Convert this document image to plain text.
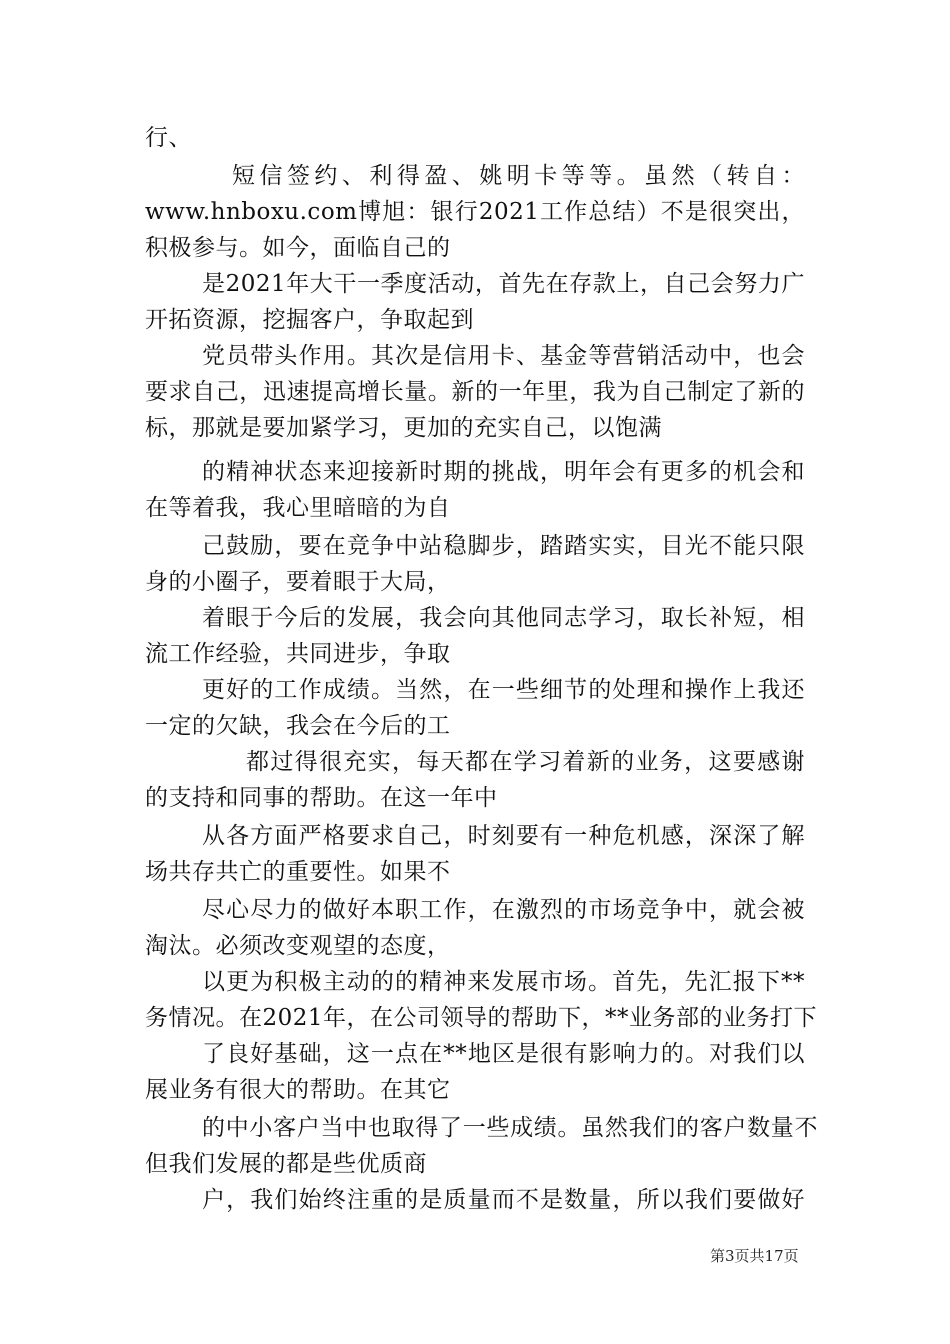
行、
短信签约、利得盈、姚明卡等等。虽然（转自：
www.hnboxu.com博旭：银行2021工作总结）不是很突出，
积极参与。如今，面临自己的
是2021年大干一季度活动，首先在存款上，自己会努力广
开拓资源，挖掘客户，争取起到
党员带头作用。其次是信用卡、基金等营销活动中，也会
要求自己，迅速提高增长量。新的一年里，我为自己制定了新的
标，那就是要加紧学习，更加的充实自己，以饱满
的精神状态来迎接新时期的挑战，明年会有更多的机会和
在等着我，我心里暗暗的为自
己鼓励，要在竞争中站稳脚步，踏踏实实，目光不能只限
身的小圈子，要着眼于大局，
着眼于今后的发展，我会向其他同志学习，取长补短，相
流工作经验，共同进步，争取
更好的工作成绩。当然，在一些细节的处理和操作上我还
一定的欠缺，我会在今后的工
都过得很充实，每天都在学习着新的业务，这要感谢
的支持和同事的帮助。在这一年中
从各方面严格要求自己，时刻要有一种危机感，深深了解
场共存共亡的重要性。如果不
尽心尽力的做好本职工作，在激烈的市场竞争中，就会被
淘汰。必须改变观望的态度，
以更为积极主动的的精神来发展市场。首先，先汇报下**
务情况。在2021年，在公司领导的帮助下，**业务部的业务打下
了良好基础，这一点在**地区是很有影响力的。对我们以
展业务有很大的帮助。在其它
的中小客户当中也取得了一些成绩。虽然我们的客户数量不
但我们发展的都是些优质商
户，我们始终注重的是质量而不是数量，所以我们要做好
第3页共17页
